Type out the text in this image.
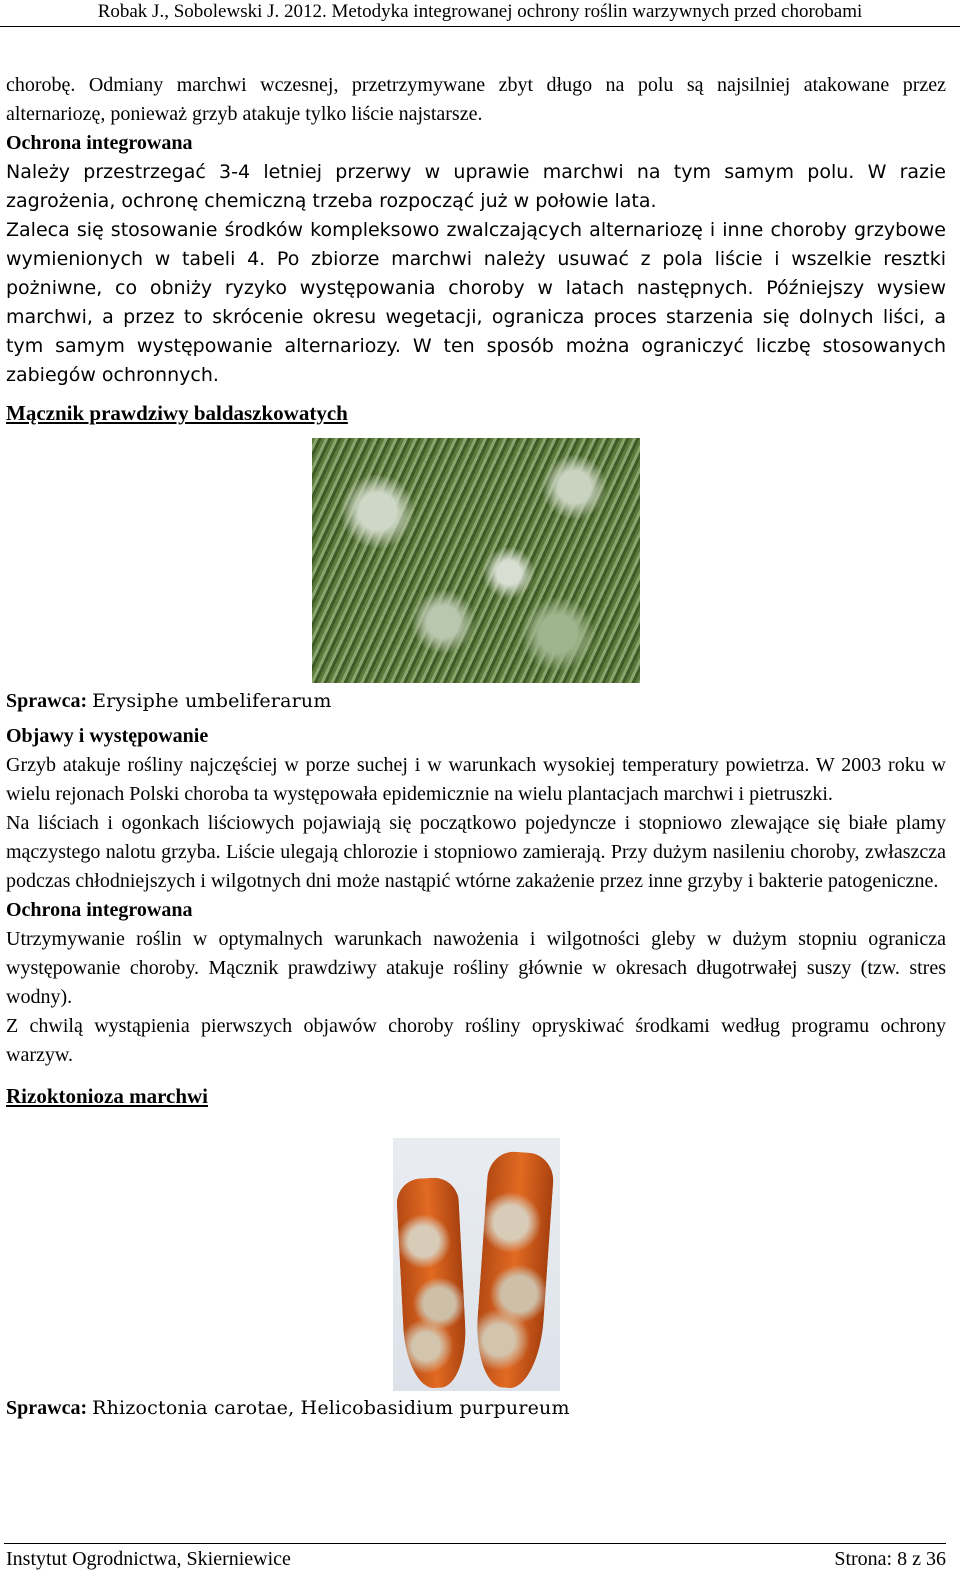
Robak J., Sobolewski J. 2012. Metodyka integrowanej ochrony roślin warzywnych przed chorobami

chorobę. Odmiany marchwi wczesnej, przetrzymywane zbyt długo na polu są najsilniej atakowane przez alternariozę, ponieważ grzyb atakuje tylko liście najstarsze.

Ochrona integrowana

Należy przestrzegać 3-4 letniej przerwy w uprawie marchwi na tym samym polu. W razie zagrożenia, ochronę chemiczną trzeba rozpocząć już w połowie lata.

Zaleca się stosowanie środków kompleksowo zwalczających alternariozę i inne choroby grzybowe wymienionych w tabeli 4. Po zbiorze marchwi należy usuwać z pola liście i wszelkie resztki pożniwne, co obniży ryzyko występowania choroby w latach następnych. Późniejszy wysiew marchwi, a przez to skrócenie okresu wegetacji, ogranicza proces starzenia się dolnych liści, a tym samym występowanie alternariozy. W ten sposób można ograniczyć liczbę stosowanych zabiegów ochronnych.

Mącznik prawdziwy baldaszkowatych

Sprawca: Erysiphe umbeliferarum

Objawy i występowanie

Grzyb atakuje rośliny najczęściej w porze suchej i w warunkach wysokiej temperatury powietrza. W 2003 roku w wielu rejonach Polski choroba ta występowała epidemicznie na wielu plantacjach marchwi i pietruszki.

Na liściach i ogonkach liściowych pojawiają się początkowo pojedyncze i stopniowo zlewające się białe plamy mączystego nalotu grzyba. Liście ulegają chlorozie i stopniowo zamierają. Przy dużym nasileniu choroby, zwłaszcza podczas chłodniejszych i wilgotnych dni może nastąpić wtórne zakażenie przez inne grzyby i bakterie patogeniczne.

Ochrona integrowana

Utrzymywanie roślin w optymalnych warunkach nawożenia i wilgotności gleby w dużym stopniu ogranicza występowanie choroby. Mącznik prawdziwy atakuje rośliny głównie w okresach długotrwałej suszy (tzw. stres wodny).

Z chwilą wystąpienia pierwszych objawów choroby rośliny opryskiwać środkami według programu ochrony warzyw.

Rizoktonioza marchwi

Sprawca: Rhizoctonia carotae, Helicobasidium purpureum

Instytut Ogrodnictwa, Skierniewice	Strona: 8 z 36
